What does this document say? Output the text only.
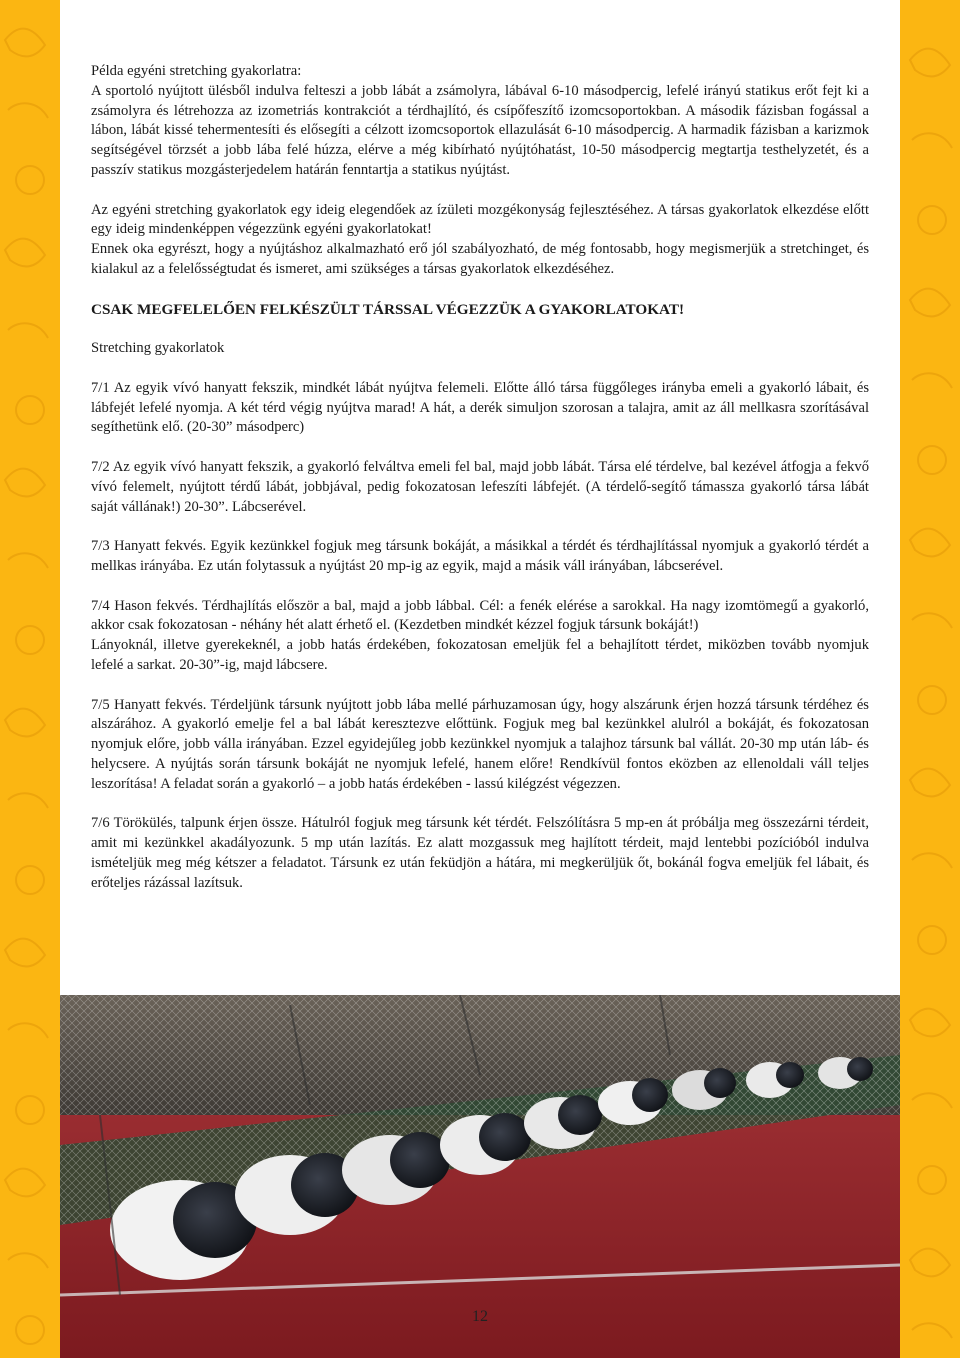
Példa egyéni stretching gyakorlatra:

A sportoló nyújtott ülésből indulva felteszi a jobb lábát a zsámolyra, lábával 6-10 másodpercig, lefelé irányú statikus erőt fejt ki a zsámolyra és létrehozza az izometriás kontrakciót a térdhajlító, és csípőfeszítő izomcsoportokban. A második fázisban fogással a lábon, lábát kissé tehermentesíti és elősegíti a célzott izomcsoportok ellazulását 6-10 másodpercig. A harmadik fázisban a karizmok segítségével törzsét a jobb lába felé húzza, elérve a még kibírható nyújtóhatást, 10-50 másodpercig megtartja testhelyzetét, és a passzív statikus mozgásterjedelem határán fenntartja a statikus nyújtást.

Az egyéni stretching gyakorlatok egy ideig elegendőek az ízületi mozgékonyság fejlesztéséhez. A társas gyakorlatok elkezdése előtt egy ideig mindenképpen végezzünk egyéni gyakorlatokat!

Ennek oka egyrészt, hogy a nyújtáshoz alkalmazható erő jól szabályozható, de még fontosabb, hogy megismerjük a stretchinget, és kialakul az a felelősségtudat és ismeret, ami szükséges a társas gyakorlatok elkezdéséhez.

CSAK MEGFELELŐEN FELKÉSZÜLT TÁRSSAL VÉGEZZÜK A GYAKORLATOKAT!

Stretching gyakorlatok

7/1 Az egyik vívó hanyatt fekszik, mindkét lábát nyújtva felemeli. Előtte álló társa függőleges irányba emeli a gyakorló lábait, és lábfejét lefelé nyomja. A két térd végig nyújtva marad! A hát, a derék simuljon szorosan a talajra, amit az áll mellkasra szorításával segíthetünk elő. (20-30” másodperc)

7/2 Az egyik vívó hanyatt fekszik, a gyakorló felváltva emeli fel bal, majd jobb lábát. Társa elé térdelve, bal kezével átfogja a fekvő vívó felemelt, nyújtott térdű lábát, jobbjával, pedig fokozatosan lefeszíti lábfejét. (A térdelő-segítő támassza gyakorló társa lábát saját vállának!) 20-30”. Lábcserével.

7/3 Hanyatt fekvés. Egyik kezünkkel fogjuk meg társunk bokáját, a másikkal a térdét és térdhajlítással nyomjuk a gyakorló térdét a mellkas irányába. Ez után folytassuk a nyújtást 20 mp-ig az egyik, majd a másik váll irányában, lábcserével.

7/4 Hason fekvés. Térdhajlítás először a bal, majd a jobb lábbal. Cél: a fenék elérése a sarokkal. Ha nagy izomtömegű a gyakorló, akkor csak fokozatosan - néhány hét alatt érhető el. (Kezdetben mindkét kézzel fogjuk társunk bokáját!)

Lányoknál, illetve gyerekeknél, a jobb hatás érdekében, fokozatosan emeljük fel a behajlított térdet, miközben tovább nyomjuk lefelé a sarkat. 20-30”-ig, majd lábcsere.

7/5 Hanyatt fekvés. Térdeljünk társunk nyújtott jobb lába mellé párhuzamosan úgy, hogy alszárunk érjen hozzá társunk térdéhez és alszárához. A gyakorló emelje fel a bal lábát keresztezve előttünk. Fogjuk meg bal kezünkkel alulról a bokáját, és fokozatosan nyomjuk előre, jobb válla irányában. Ezzel egyidejűleg jobb kezünkkel nyomjuk a talajhoz társunk bal vállát. 20-30 mp után láb- és helycsere. A nyújtás során társunk bokáját ne nyomjuk lefelé, hanem előre! Rendkívül fontos eközben az ellenoldali váll teljes leszorítása! A feladat során a gyakorló – a jobb hatás érdekében - lassú kilégzést végezzen.

7/6 Törökülés, talpunk érjen össze. Hátulról fogjuk meg társunk két térdét. Felszólításra 5 mp-en át próbálja meg összezárni térdeit, amit mi kezünkkel akadályozunk. 5 mp után lazítás. Ez alatt mozgassuk meg hajlított térdeit, majd lentebbi pozícióból indulva ismételjük meg még kétszer a feladatot. Társunk ez után feküdjön a hátára, mi megkerüljük őt, bokánál fogva emeljük fel lábait, és erőteljes rázással lazítsuk.

12
